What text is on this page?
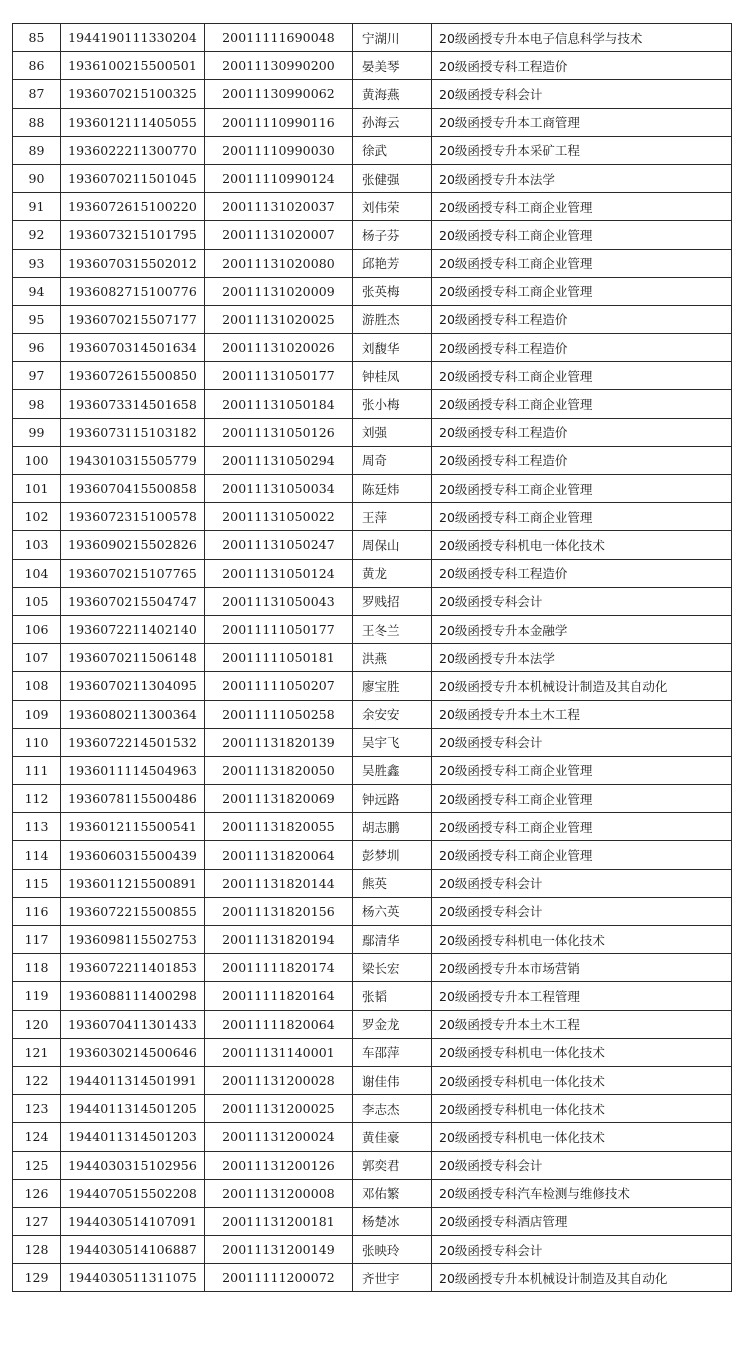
85	1944190111330204	20011111690048	宁湖川	20级函授专升本电子信息科学与技术
86	1936100215500501	20011130990200	晏美琴	20级函授专科工程造价
87	1936070215100325	20011130990062	黄海燕	20级函授专科会计
88	1936012111405055	20011110990116	孙海云	20级函授专升本工商管理
89	1936022211300770	20011110990030	徐武	20级函授专升本采矿工程
90	1936070211501045	20011110990124	张健强	20级函授专升本法学
91	1936072615100220	20011131020037	刘伟荣	20级函授专科工商企业管理
92	1936073215101795	20011131020007	杨子芬	20级函授专科工商企业管理
93	1936070315502012	20011131020080	邱艳芳	20级函授专科工商企业管理
94	1936082715100776	20011131020009	张英梅	20级函授专科工商企业管理
95	1936070215507177	20011131020025	游胜杰	20级函授专科工程造价
96	1936070314501634	20011131020026	刘馥华	20级函授专科工程造价
97	1936072615500850	20011131050177	钟桂凤	20级函授专科工商企业管理
98	1936073314501658	20011131050184	张小梅	20级函授专科工商企业管理
99	1936073115103182	20011131050126	刘强	20级函授专科工程造价
100	1943010315505779	20011131050294	周奇	20级函授专科工程造价
101	1936070415500858	20011131050034	陈廷炜	20级函授专科工商企业管理
102	1936072315100578	20011131050022	王萍	20级函授专科工商企业管理
103	1936090215502826	20011131050247	周保山	20级函授专科机电一体化技术
104	1936070215107765	20011131050124	黄龙	20级函授专科工程造价
105	1936070215504747	20011131050043	罗贱招	20级函授专科会计
106	1936072211402140	20011111050177	王冬兰	20级函授专升本金融学
107	1936070211506148	20011111050181	洪燕	20级函授专升本法学
108	1936070211304095	20011111050207	廖宝胜	20级函授专升本机械设计制造及其自动化
109	1936080211300364	20011111050258	余安安	20级函授专升本土木工程
110	1936072214501532	20011131820139	吴宇飞	20级函授专科会计
111	1936011114504963	20011131820050	吴胜鑫	20级函授专科工商企业管理
112	1936078115500486	20011131820069	钟远路	20级函授专科工商企业管理
113	1936012115500541	20011131820055	胡志鹏	20级函授专科工商企业管理
114	1936060315500439	20011131820064	彭梦圳	20级函授专科工商企业管理
115	1936011215500891	20011131820144	熊英	20级函授专科会计
116	1936072215500855	20011131820156	杨六英	20级函授专科会计
117	1936098115502753	20011131820194	鄢清华	20级函授专科机电一体化技术
118	1936072211401853	20011111820174	梁长宏	20级函授专升本市场营销
119	1936088111400298	20011111820164	张韬	20级函授专升本工程管理
120	1936070411301433	20011111820064	罗金龙	20级函授专升本土木工程
121	1936030214500646	20011131140001	车邵萍	20级函授专科机电一体化技术
122	1944011314501991	20011131200028	谢佳伟	20级函授专科机电一体化技术
123	1944011314501205	20011131200025	李志杰	20级函授专科机电一体化技术
124	1944011314501203	20011131200024	黄佳豪	20级函授专科机电一体化技术
125	1944030315102956	20011131200126	郭奕君	20级函授专科会计
126	1944070515502208	20011131200008	邓佑繁	20级函授专科汽车检测与维修技术
127	1944030514107091	20011131200181	杨楚冰	20级函授专科酒店管理
128	1944030514106887	20011131200149	张映玲	20级函授专科会计
129	1944030511311075	20011111200072	齐世宇	20级函授专升本机械设计制造及其自动化
